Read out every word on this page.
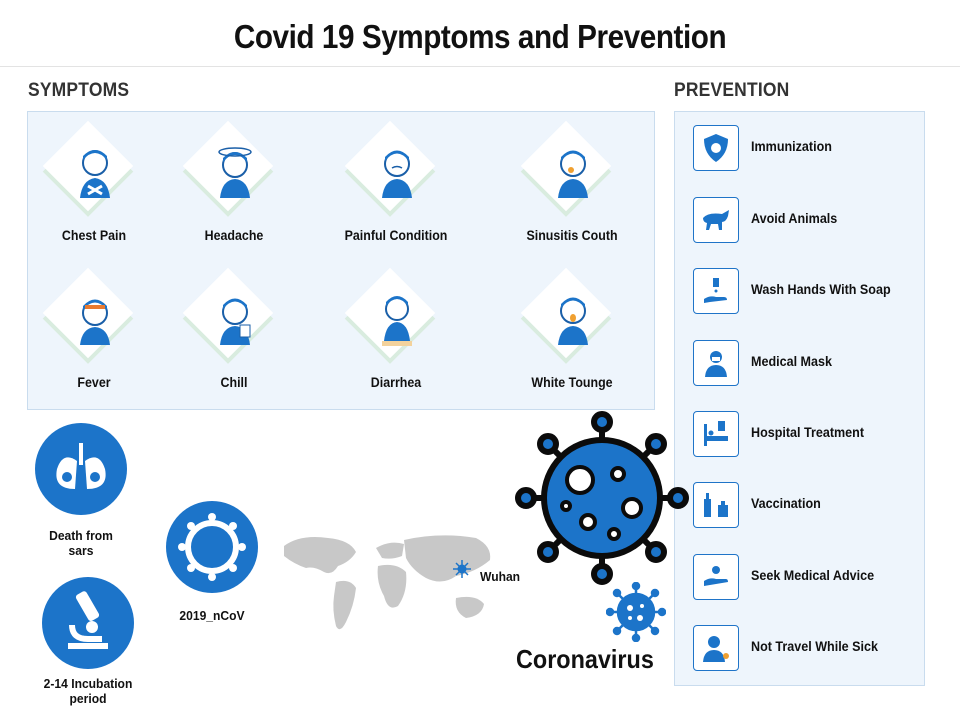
Covid 19 Symptoms and Prevention
SYMPTOMS
Chest Pain	Headache	Painful Condition	Sinusitis Couth
Fever	Chill	Diarrhea	White Tounge
PREVENTION
Immunization
Avoid Animals
Wash Hands With Soap
Medical Mask
Hospital Treatment
Vaccination
Seek Medical Advice
Not Travel While Sick
Death from
sars
2-14 Incubation
period
2019_nCoV
Wuhan
Coronavirus
